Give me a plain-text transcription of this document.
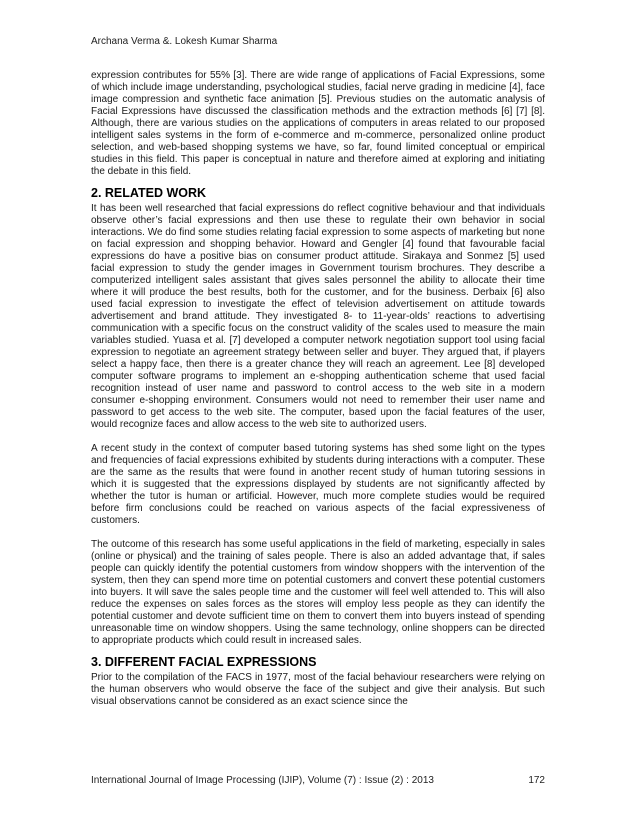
Archana Verma &. Lokesh Kumar Sharma

expression contributes for 55% [3]. There are wide range of applications of Facial Expressions, some of which include image understanding, psychological studies, facial nerve grading in medicine [4], face image compression and synthetic face animation [5]. Previous studies on the automatic analysis of Facial Expressions have discussed the classification methods and the extraction methods [6] [7] [8]. Although, there are various studies on the applications of computers in areas related to our proposed intelligent sales systems in the form of e-commerce and m-commerce, personalized online product selection, and web-based shopping systems we have, so far, found limited conceptual or empirical studies in this field. This paper is conceptual in nature and therefore aimed at exploring and initiating the debate in this field.

2. RELATED WORK

It has been well researched that facial expressions do reflect cognitive behaviour and that individuals observe other’s facial expressions and then use these to regulate their own behavior in social interactions. We do find some studies relating facial expression to some aspects of marketing but none on facial expression and shopping behavior. Howard and Gengler [4] found that favourable facial expressions do have a positive bias on consumer product attitude. Sirakaya and Sonmez [5] used facial expression to study the gender images in Government tourism brochures. They describe a computerized intelligent sales assistant that gives sales personnel the ability to allocate their time where it will produce the best results, both for the customer, and for the business. Derbaix [6] also used facial expression to investigate the effect of television advertisement on attitude towards advertisement and brand attitude. They investigated 8- to 11-year-olds’ reactions to advertising communication with a specific focus on the construct validity of the scales used to measure the main variables studied. Yuasa et al. [7] developed a computer network negotiation support tool using facial expression to negotiate an agreement strategy between seller and buyer. They argued that, if players select a happy face, then there is a greater chance they will reach an agreement. Lee [8] developed computer software programs to implement an e-shopping authentication scheme that used facial recognition instead of user name and password to control access to the web site in a modern consumer e-shopping environment. Consumers would not need to remember their user name and password to get access to the web site. The computer, based upon the facial features of the user, would recognize faces and allow access to the web site to authorized users.

A recent study in the context of computer based tutoring systems has shed some light on the types and frequencies of facial expressions exhibited by students during interactions with a computer. These are the same as the results that were found in another recent study of human tutoring sessions in which it is suggested that the expressions displayed by students are not significantly affected by whether the tutor is human or artificial. However, much more complete studies would be required before firm conclusions could be reached on various aspects of the facial expressiveness of customers.

The outcome of this research has some useful applications in the field of marketing, especially in sales (online or physical) and the training of sales people. There is also an added advantage that, if sales people can quickly identify the potential customers from window shoppers with the intervention of the system, then they can spend more time on potential customers and convert these potential customers into buyers. It will save the sales people time and the customer will feel well attended to. This will also reduce the expenses on sales forces as the stores will employ less people as they can identify the potential customer and devote sufficient time on them to convert them into buyers instead of spending unreasonable time on window shoppers. Using the same technology, online shoppers can be directed to appropriate products which could result in increased sales.

3. DIFFERENT FACIAL EXPRESSIONS

Prior to the compilation of the FACS in 1977, most of the facial behaviour researchers were relying on the human observers who would observe the face of the subject and give their analysis. But such visual observations cannot be considered as an exact science since the

International Journal of Image Processing (IJIP), Volume (7) : Issue (2) : 2013	172
